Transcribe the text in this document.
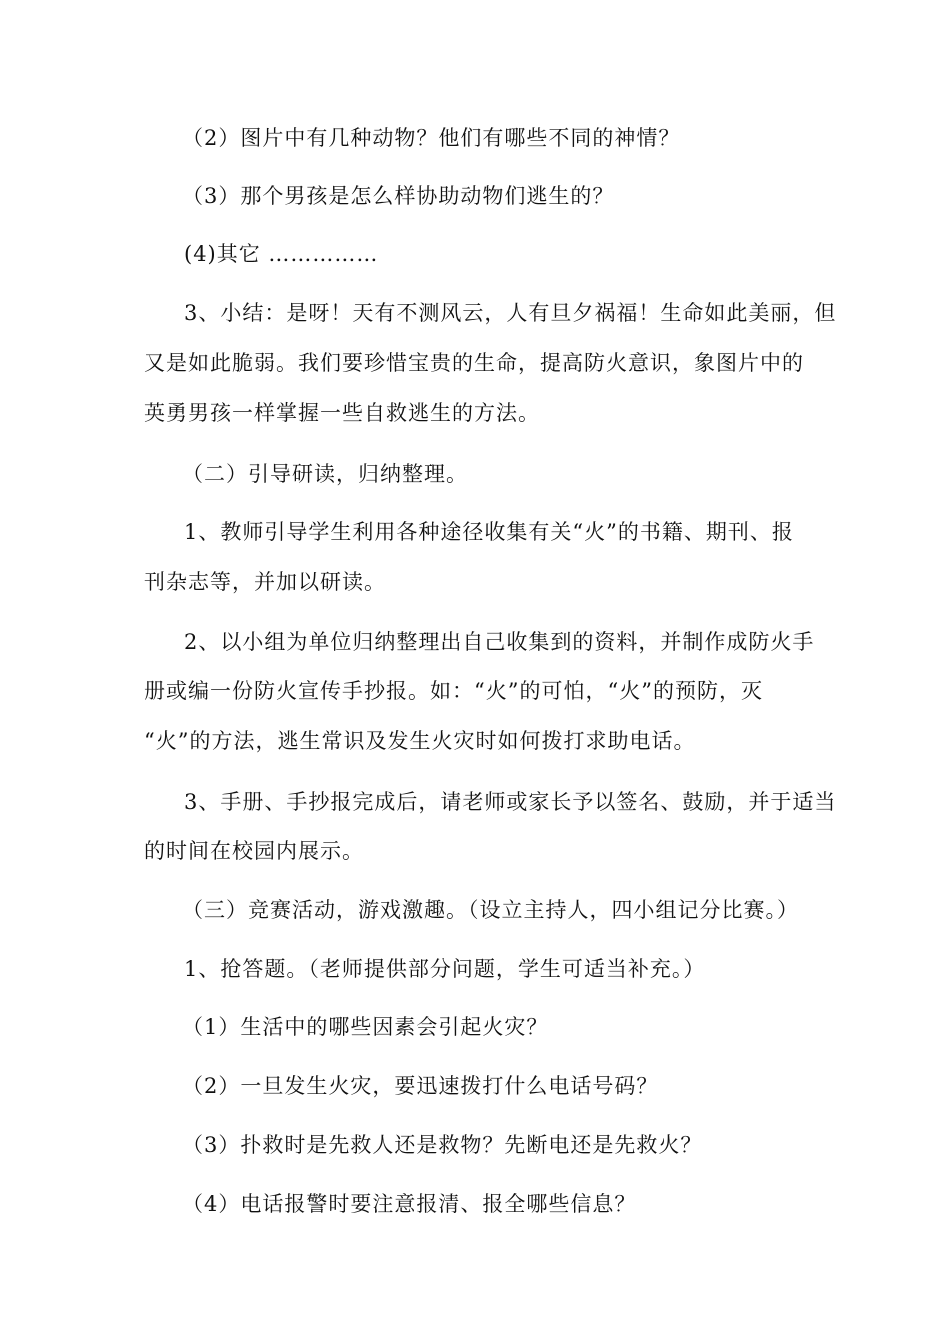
（2）图片中有几种动物？他们有哪些不同的神情？
（3）那个男孩是怎么样协助动物们逃生的？
(4)其它 ……………
3、小结：是呀！天有不测风云，人有旦夕祸福！生命如此美丽，但
又是如此脆弱。我们要珍惜宝贵的生命，提高防火意识，象图片中的
英勇男孩一样掌握一些自救逃生的方法。
（二）引导研读，归纳整理。
1、教师引导学生利用各种途径收集有关“火”的书籍、期刊、报
刊杂志等，并加以研读。
2、以小组为单位归纳整理出自己收集到的资料，并制作成防火手
册或编一份防火宣传手抄报。如：“火”的可怕，“火”的预防，灭
“火”的方法，逃生常识及发生火灾时如何拨打求助电话。
3、手册、手抄报完成后，请老师或家长予以签名、鼓励，并于适当
的时间在校园内展示。
（三）竞赛活动，游戏激趣。（设立主持人，四小组记分比赛。）
1、抢答题。（老师提供部分问题，学生可适当补充。）
（1）生活中的哪些因素会引起火灾？
（2）一旦发生火灾，要迅速拨打什么电话号码？
（3）扑救时是先救人还是救物？先断电还是先救火？
（4）电话报警时要注意报清、报全哪些信息？
